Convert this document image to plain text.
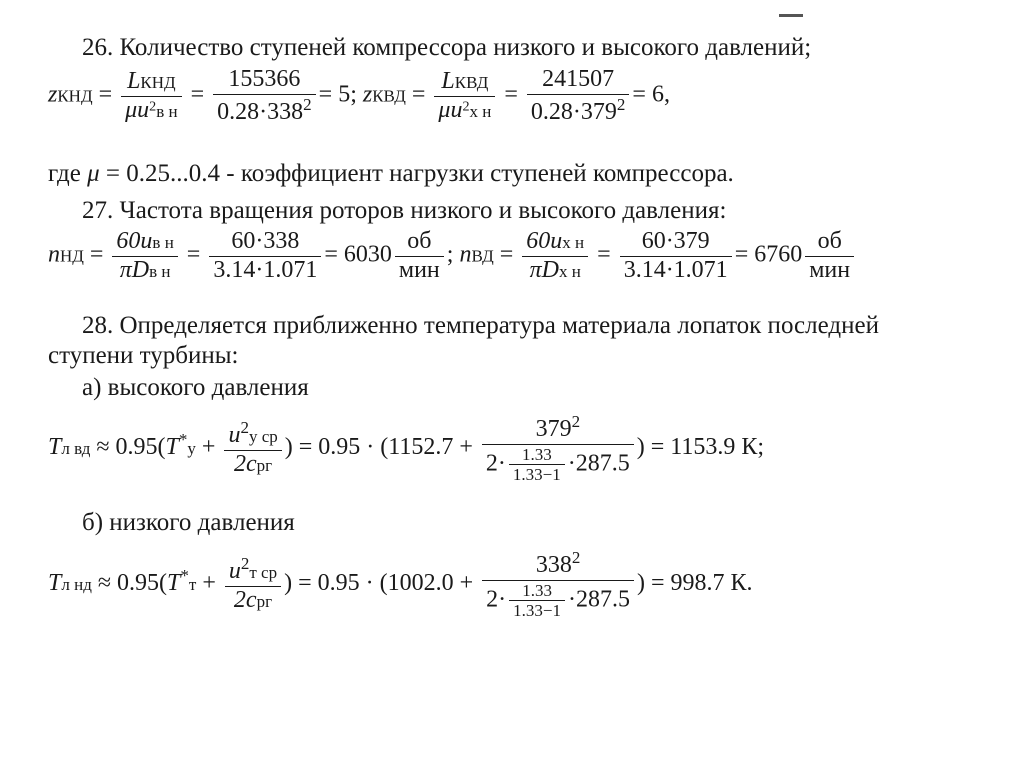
26. Количество ступеней компрессора низкого и высокого давлений;
zКНД = $\frac{\text{LКНД}}{\mu u^2в н} = \frac{155366}{0.28\cdot 338^2} = 5$; zКВД = $\frac{\text{LКВД}}{\mu u^2х н} = \frac{241507}{0.28\cdot 379^2} = 6$,
где μ = 0.25...0.4 - коэффициент нагрузки ступеней компрессора.
27. Частота вращения роторов низкого и высокого давления:
nНД = $\frac{\text{60uв н}}{\text{πDв н}} = \frac{60\cdot 338}{3.14\cdot 1.071} = 6030 \frac{об}{\text{мин}}$ ; nВД = $\frac{\text{60uх н}}{\text{πDх н}} = \frac{60\cdot 379}{3.14\cdot 1.071} = 6760 \frac{об}{\text{мин}}$
28. Определяется приближенно температура материала лопаток последней
ступени турбины:
а) высокого давления
Tл вд ≈ $0.95(T^*у + \frac{u^2у ср}{\text{2cрг}}$ ) = $0.95 \cdot (1152.7 + \frac{379^2}{2\cdot \frac{1.33}{1.33-1} \cdot 287.5}$ ) = 1153.9 К;
б) низкого давления
Tл нд ≈ $0.95(T^*т + \frac{u^2т ср}{\text{2cрг}}$ ) = $0.95 \cdot (1002.0 + \frac{338^2}{2\cdot \frac{1.33}{1.33-1} \cdot 287.5}$ ) = 998.7 К.
